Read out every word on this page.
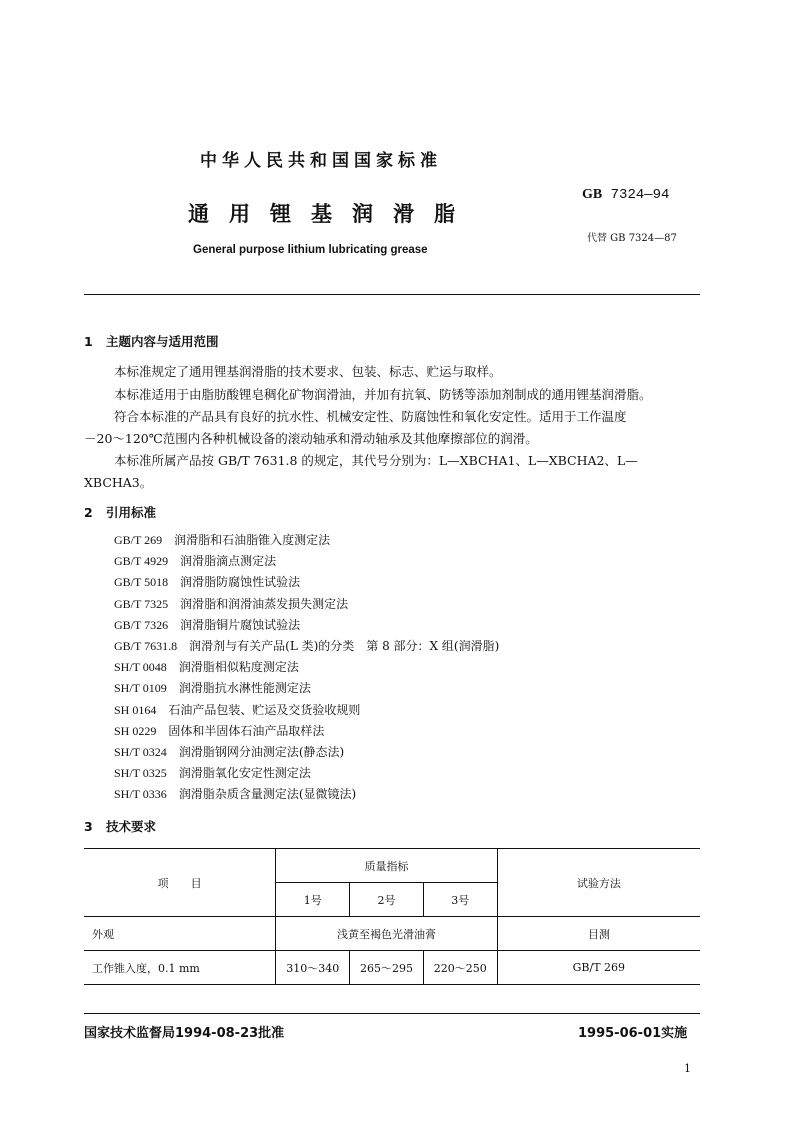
中华人民共和国国家标准
通用锂基润滑脂
General purpose lithium lubricating grease
GB 7324—94
代替 GB 7324—87
1 主题内容与适用范围
本标准规定了通用锂基润滑脂的技术要求、包装、标志、贮运与取样。
本标准适用于由脂肪酸锂皂稠化矿物润滑油，并加有抗氧、防锈等添加剂制成的通用锂基润滑脂。
符合本标准的产品具有良好的抗水性、机械安定性、防腐蚀性和氧化安定性。适用于工作温度
－20～120℃范围内各种机械设备的滚动轴承和滑动轴承及其他摩擦部位的润滑。
本标准所属产品按 GB/T 7631.8 的规定，其代号分别为：L—XBCHA1、L—XBCHA2、L—
XBCHA3。
2 引用标准
GB/T 269　 润滑脂和石油脂锥入度测定法
GB/T 4929　 润滑脂滴点测定法
GB/T 5018　 润滑脂防腐蚀性试验法
GB/T 7325　 润滑脂和润滑油蒸发损失测定法
GB/T 7326　 润滑脂铜片腐蚀试验法
GB/T 7631.8　 润滑剂与有关产品(L 类)的分类　第 8 部分：X 组(润滑脂)
SH/T 0048　 润滑脂相似粘度测定法
SH/T 0109　 润滑脂抗水淋性能测定法
SH 0164　 石油产品包装、贮运及交货验收规则
SH 0229　 固体和半固体石油产品取样法
SH/T 0324　 润滑脂钢网分油测定法(静态法)
SH/T 0325　 润滑脂氧化安定性测定法
SH/T 0336　 润滑脂杂质含量测定法(显微镜法)
3 技术要求
项　　目	质量指标			试验方法
	1号	2号	3号	
外观	浅黄至褐色光滑油膏			目测
工作锥入度，0.1 mm	310～340	265～295	220～250	GB/T 269
国家技术监督局1994-08-23批准	1995-06-01实施
1
